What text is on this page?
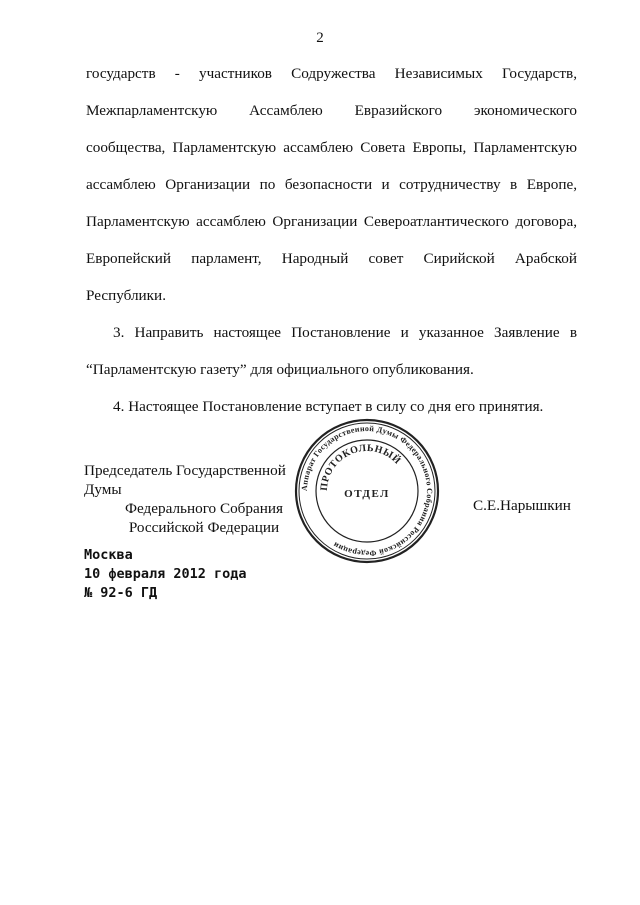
2
государств - участников Содружества Независимых Государств,
Межпарламентскую Ассамблею Евразийского экономического
сообщества, Парламентскую ассамблею Совета Европы, Парламентскую
ассамблею Организации по безопасности и сотрудничеству в Европе,
Парламентскую ассамблею Организации Североатлантического договора,
Европейский парламент, Народный совет Сирийской Арабской
Республики.
3. Направить настоящее Постановление и указанное Заявление в
“Парламентскую газету” для официального опубликования.
4. Настоящее Постановление вступает в силу со дня его принятия.
Председатель Государственной Думы
Федерального Собрания
Российской Федерации
Аппарат Государственной Думы Федерального Собрания Российской Федерации
ПРОТОКОЛЬНЫЙ
ОТДЕЛ
С.Е.Нарышкин
Москва
10 февраля 2012 года
№ 92-6 ГД
